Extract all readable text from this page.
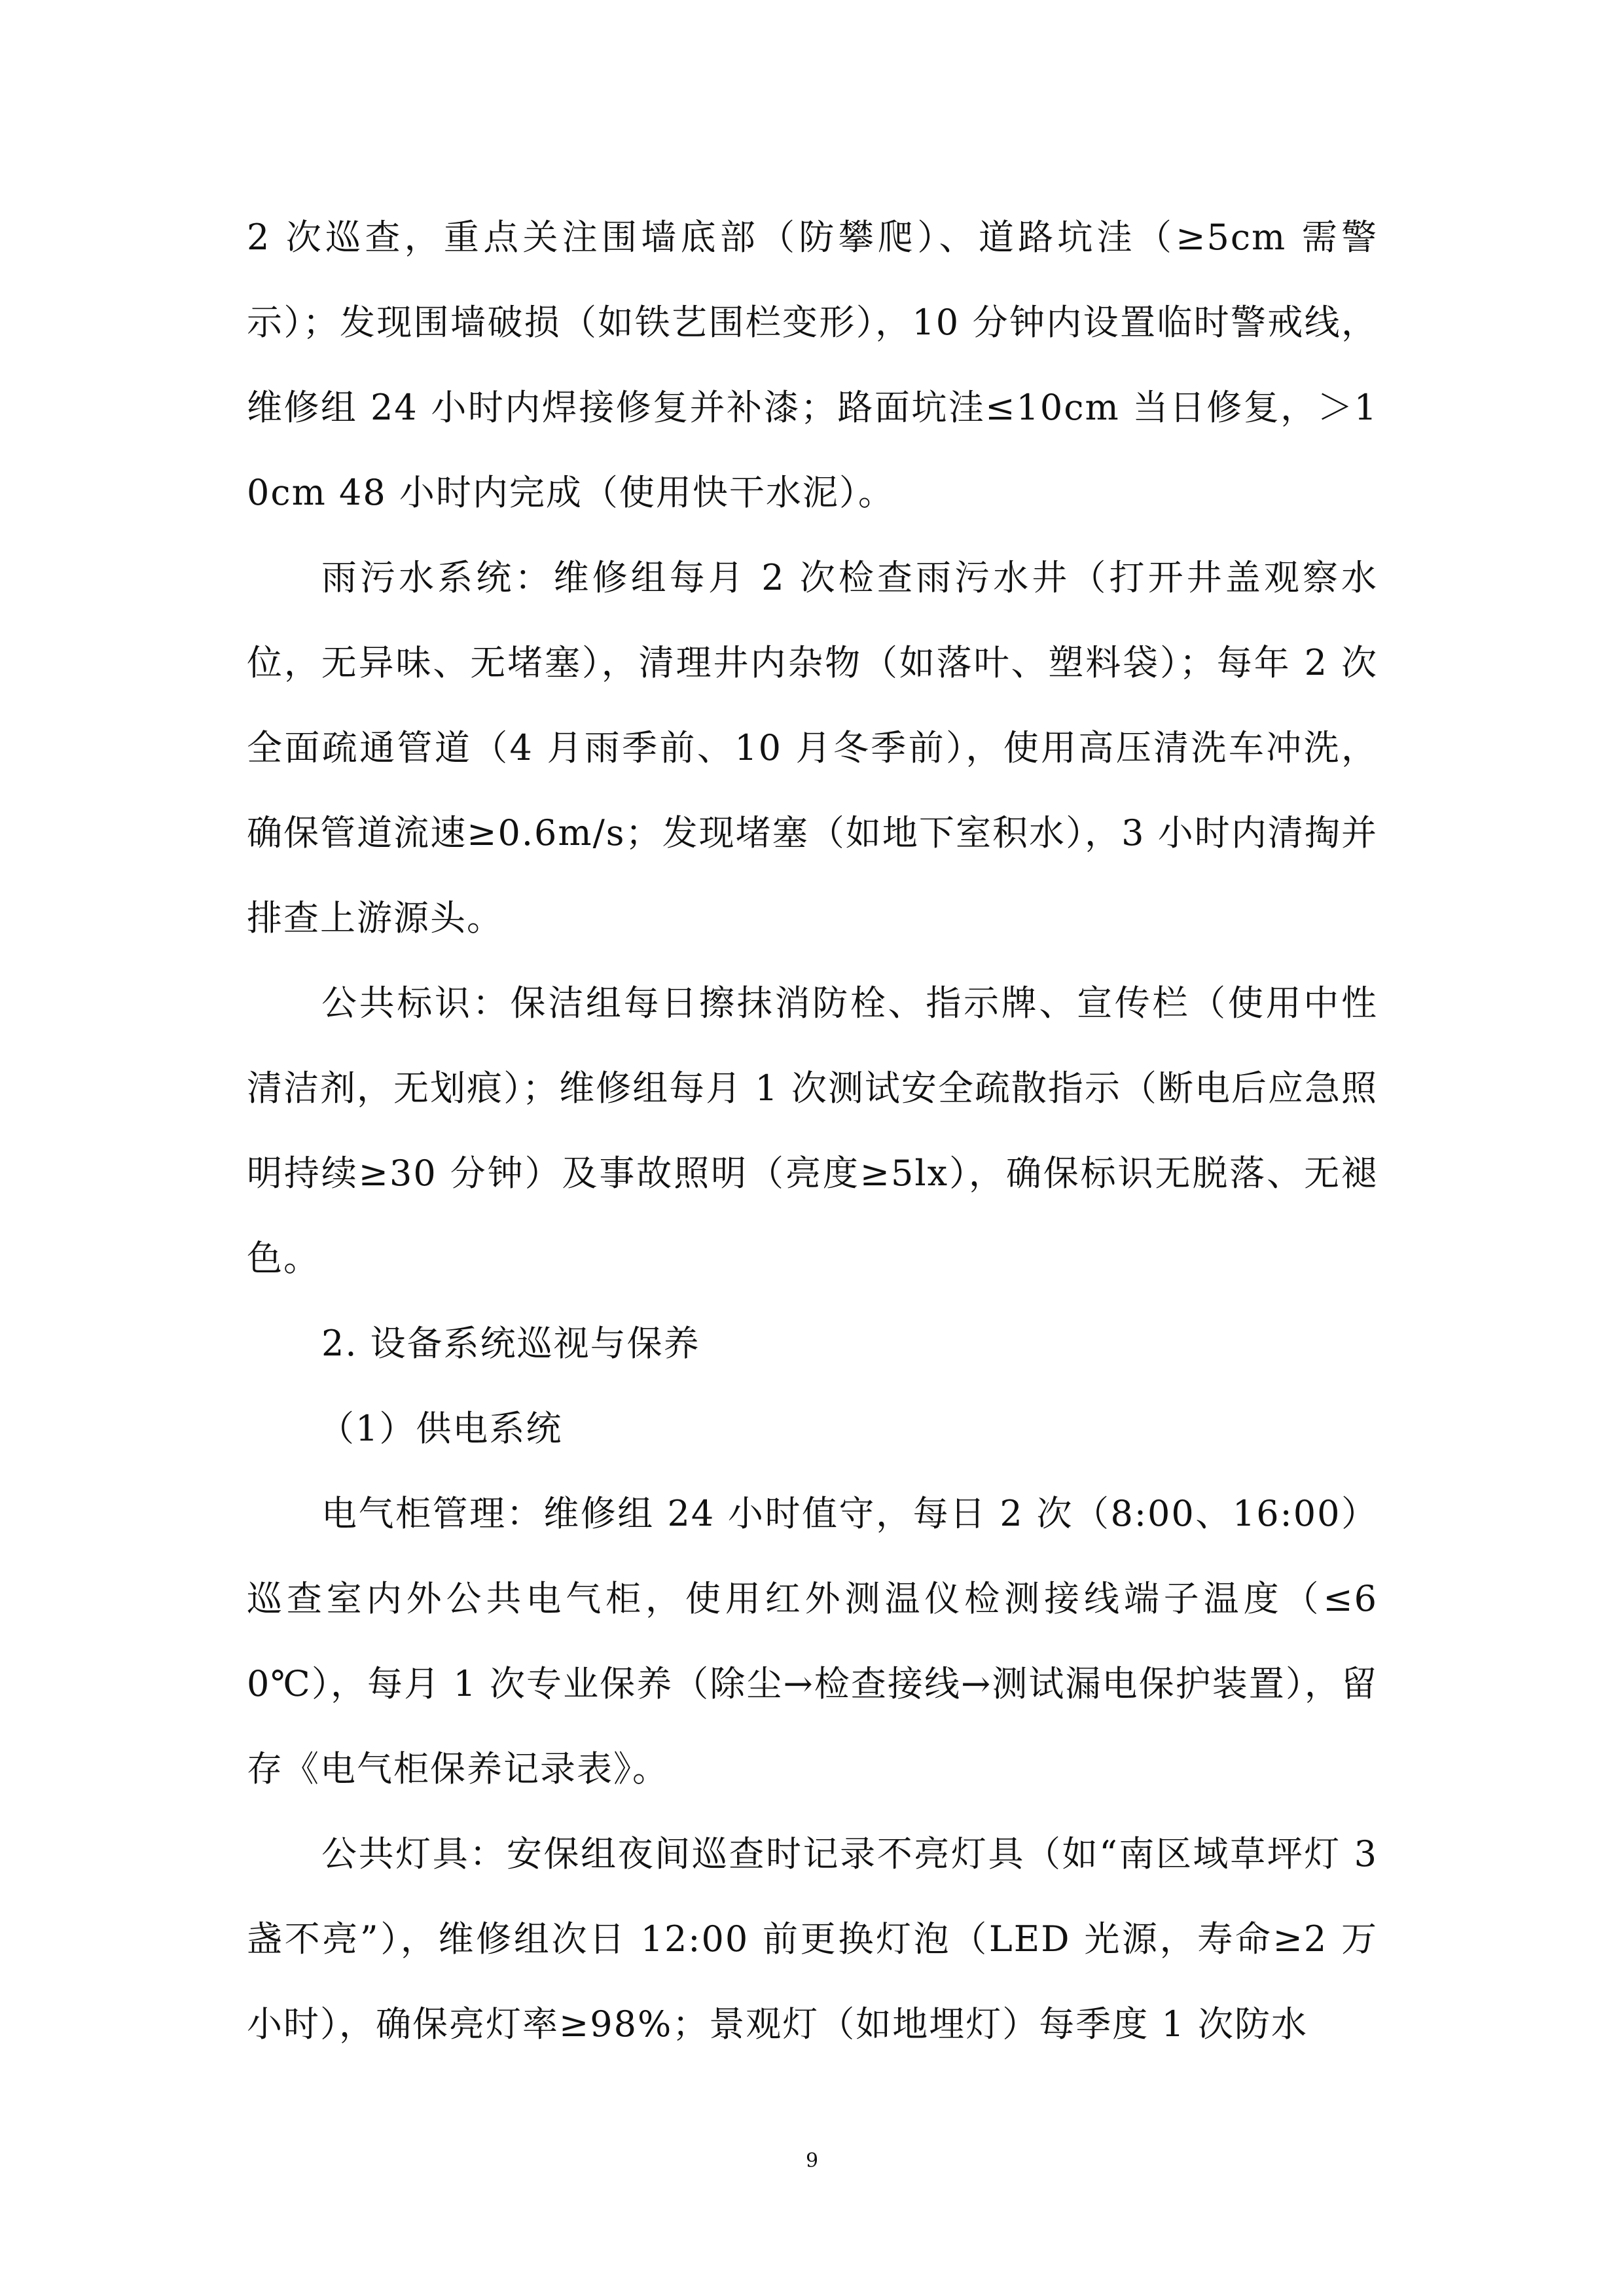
2 次巡查，重点关注围墙底部（防攀爬）、道路坑洼（≥5cm 需警示）；发现围墙破损（如铁艺围栏变形），10 分钟内设置临时警戒线，维修组 24 小时内焊接修复并补漆；路面坑洼≤10cm 当日修复，＞10cm 48 小时内完成（使用快干水泥）。

雨污水系统：维修组每月 2 次检查雨污水井（打开井盖观察水位，无异味、无堵塞），清理井内杂物（如落叶、塑料袋）；每年 2 次全面疏通管道（4 月雨季前、10 月冬季前），使用高压清洗车冲洗，确保管道流速≥0.6m/s；发现堵塞（如地下室积水），3 小时内清掏并排查上游源头。

公共标识：保洁组每日擦抹消防栓、指示牌、宣传栏（使用中性清洁剂，无划痕）；维修组每月 1 次测试安全疏散指示（断电后应急照明持续≥30 分钟）及事故照明（亮度≥5lx），确保标识无脱落、无褪色。

2. 设备系统巡视与保养

（1）供电系统

电气柜管理：维修组 24 小时值守，每日 2 次（8:00、16:00）巡查室内外公共电气柜，使用红外测温仪检测接线端子温度（≤60℃），每月 1 次专业保养（除尘→检查接线→测试漏电保护装置），留存《电气柜保养记录表》。

公共灯具：安保组夜间巡查时记录不亮灯具（如“南区域草坪灯 3 盏不亮”），维修组次日 12:00 前更换灯泡（LED 光源，寿命≥2 万小时），确保亮灯率≥98%；景观灯（如地埋灯）每季度 1 次防水

9
